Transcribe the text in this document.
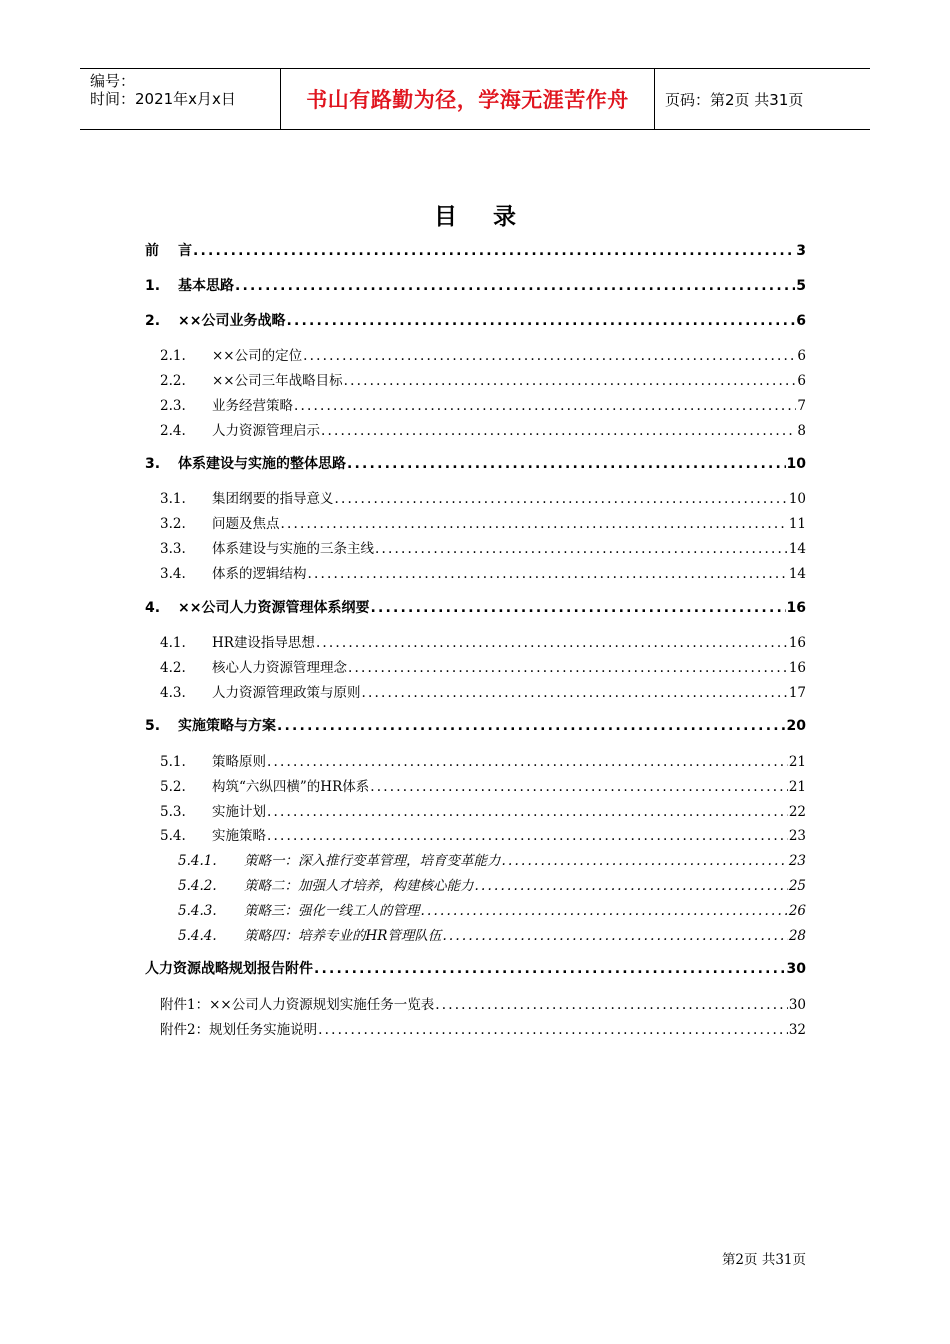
编号：
时间：2021年x月x日	书山有路勤为径，学海无涯苦作舟 页码：第2页 共31页
目 录
前	言 .....	3
1.	基本思路 .....	5
2.	××公司业务战略 .....	6
2.1.	××公司的定位 .....	6
2.2.	××公司三年战略目标 .....	6
2.3.	业务经营策略 .....	7
2.4.	人力资源管理启示 .....	8
3.	体系建设与实施的整体思路 .....	10
3.1.	集团纲要的指导意义 .....	10
3.2.	问题及焦点 .....	11
3.3.	体系建设与实施的三条主线 .....	14
3.4.	体系的逻辑结构 .....	14
4.	××公司人力资源管理体系纲要 .....	16
4.1.	HR建设指导思想 .....	16
4.2.	核心人力资源管理理念 .....	16
4.3.	人力资源管理政策与原则 .....	17
5.	实施策略与方案 .....	20
5.1.	策略原则 .....	21
5.2.	构筑“六纵四横”的HR体系 .....	21
5.3.	实施计划 .....	22
5.4.	实施策略 .....	23
5.4.1.	策略一：深入推行变革管理，培育变革能力 .....	23
5.4.2.	策略二：加强人才培养，构建核心能力 .....	25
5.4.3.	策略三：强化一线工人的管理 .....	26
5.4.4.	策略四：培养专业的HR管理队伍 .....	28
人力资源战略规划报告附件 .....	30
附件1：××公司人力资源规划实施任务一览表 .....	30
附件2：规划任务实施说明 .....	32
第2页 共31页
